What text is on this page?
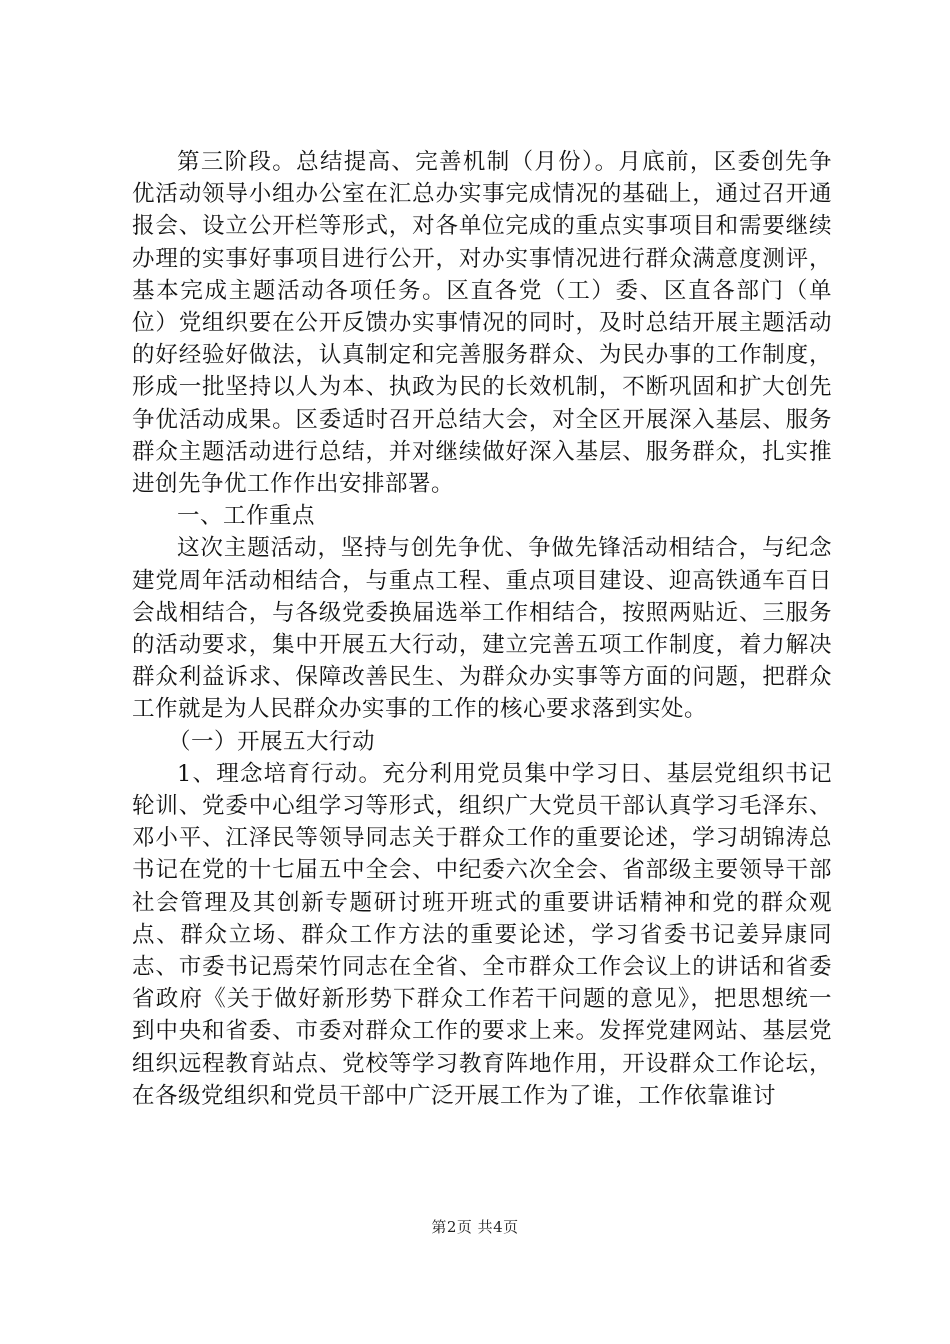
第三阶段。总结提高、完善机制（月份）。月底前，区委创先争优活动领导小组办公室在汇总办实事完成情况的基础上，通过召开通报会、设立公开栏等形式，对各单位完成的重点实事项目和需要继续办理的实事好事项目进行公开，对办实事情况进行群众满意度测评，基本完成主题活动各项任务。区直各党（工）委、区直各部门（单位）党组织要在公开反馈办实事情况的同时，及时总结开展主题活动的好经验好做法，认真制定和完善服务群众、为民办事的工作制度，形成一批坚持以人为本、执政为民的长效机制，不断巩固和扩大创先争优活动成果。区委适时召开总结大会，对全区开展深入基层、服务群众主题活动进行总结，并对继续做好深入基层、服务群众，扎实推进创先争优工作作出安排部署。

一、工作重点

这次主题活动，坚持与创先争优、争做先锋活动相结合，与纪念建党周年活动相结合，与重点工程、重点项目建设、迎高铁通车百日会战相结合，与各级党委换届选举工作相结合，按照两贴近、三服务的活动要求，集中开展五大行动，建立完善五项工作制度，着力解决群众利益诉求、保障改善民生、为群众办实事等方面的问题，把群众工作就是为人民群众办实事的工作的核心要求落到实处。

（一）开展五大行动

1、理念培育行动。充分利用党员集中学习日、基层党组织书记轮训、党委中心组学习等形式，组织广大党员干部认真学习毛泽东、邓小平、江泽民等领导同志关于群众工作的重要论述，学习胡锦涛总书记在党的十七届五中全会、中纪委六次全会、省部级主要领导干部社会管理及其创新专题研讨班开班式的重要讲话精神和党的群众观点、群众立场、群众工作方法的重要论述，学习省委书记姜异康同志、市委书记焉荣竹同志在全省、全市群众工作会议上的讲话和省委省政府《关于做好新形势下群众工作若干问题的意见》，把思想统一到中央和省委、市委对群众工作的要求上来。发挥党建网站、基层党组织远程教育站点、党校等学习教育阵地作用，开设群众工作论坛，在各级党组织和党员干部中广泛开展工作为了谁，工作依靠谁讨

第2页 共4页
